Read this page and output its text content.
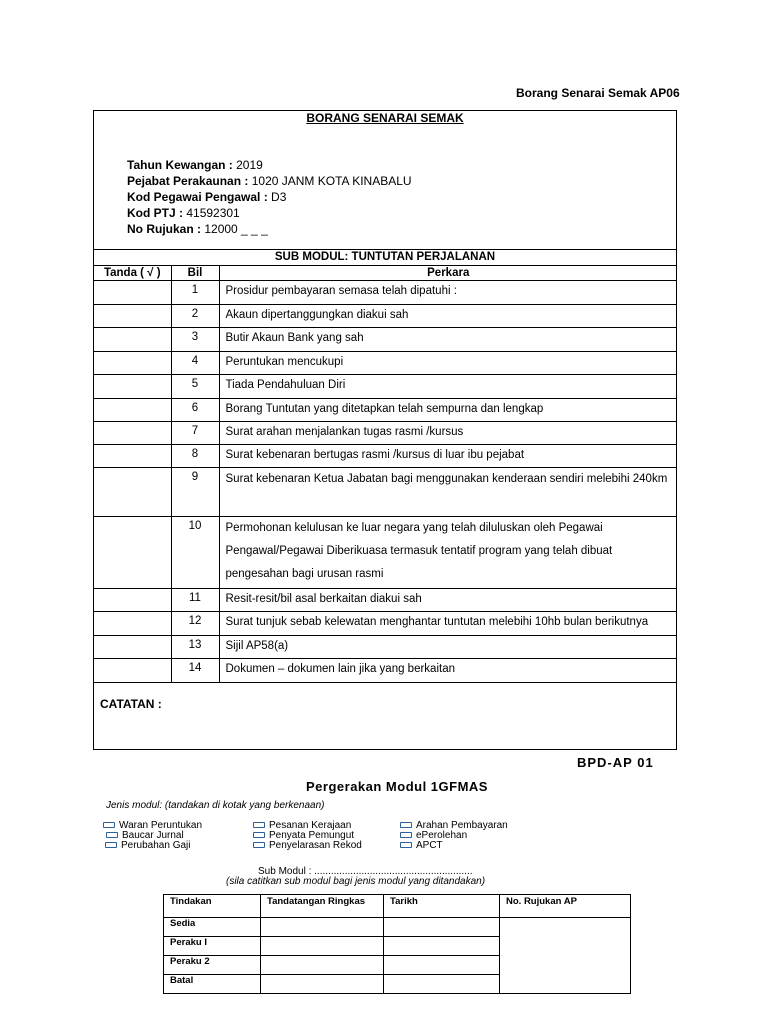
Borang Senarai Semak AP06
BORANG SENARAI SEMAK
Tahun Kewangan : 2019
Pejabat Perakaunan : 1020 JANM KOTA KINABALU
Kod Pegawai Pengawal : D3
Kod PTJ : 41592301
No Rujukan : 12000 _ _ _
SUB MODUL: TUNTUTAN PERJALANAN
Tanda ( √ )	Bil	Perkara
	1	Prosidur pembayaran semasa telah dipatuhi :
	2	Akaun dipertanggungkan diakui sah
	3	Butir Akaun Bank yang sah
	4	Peruntukan mencukupi
	5	Tiada Pendahuluan Diri
	6	Borang Tuntutan yang ditetapkan telah sempurna dan lengkap
	7	Surat arahan menjalankan tugas rasmi /kursus
	8	Surat kebenaran bertugas rasmi /kursus di luar ibu pejabat
	9	Surat kebenaran Ketua Jabatan bagi menggunakan kenderaan sendiri melebihi 240km
	10	Permohonan kelulusan ke luar negara yang telah diluluskan oleh Pegawai Pengawal/Pegawai Diberikuasa termasuk tentatif program yang telah dibuat pengesahan bagi urusan rasmi
	11	Resit-resit/bil asal berkaitan diakui sah
	12	Surat tunjuk sebab kelewatan menghantar tuntutan melebihi 10hb bulan berikutnya
	13	Sijil AP58(a)
	14	Dokumen – dokumen lain jika yang berkaitan
CATATAN :
BPD-AP 01
Pergerakan Modul 1GFMAS
Jenis modul: (tandakan di kotak yang berkenaan)
Waran Peruntukan
Baucar Jurnal
Perubahan Gaji
Pesanan Kerajaan
Penyata Pemungut
Penyelarasan Rekod
Arahan Pembayaran
ePerolehan
APCT
Sub Modul : .........................................................
(sila catitkan sub modul bagi jenis modul yang ditandakan)
Tindakan	Tandatangan Ringkas	Tarikh	No. Rujukan AP
Sedia			
Peraku I			
Peraku 2			
Batal			
